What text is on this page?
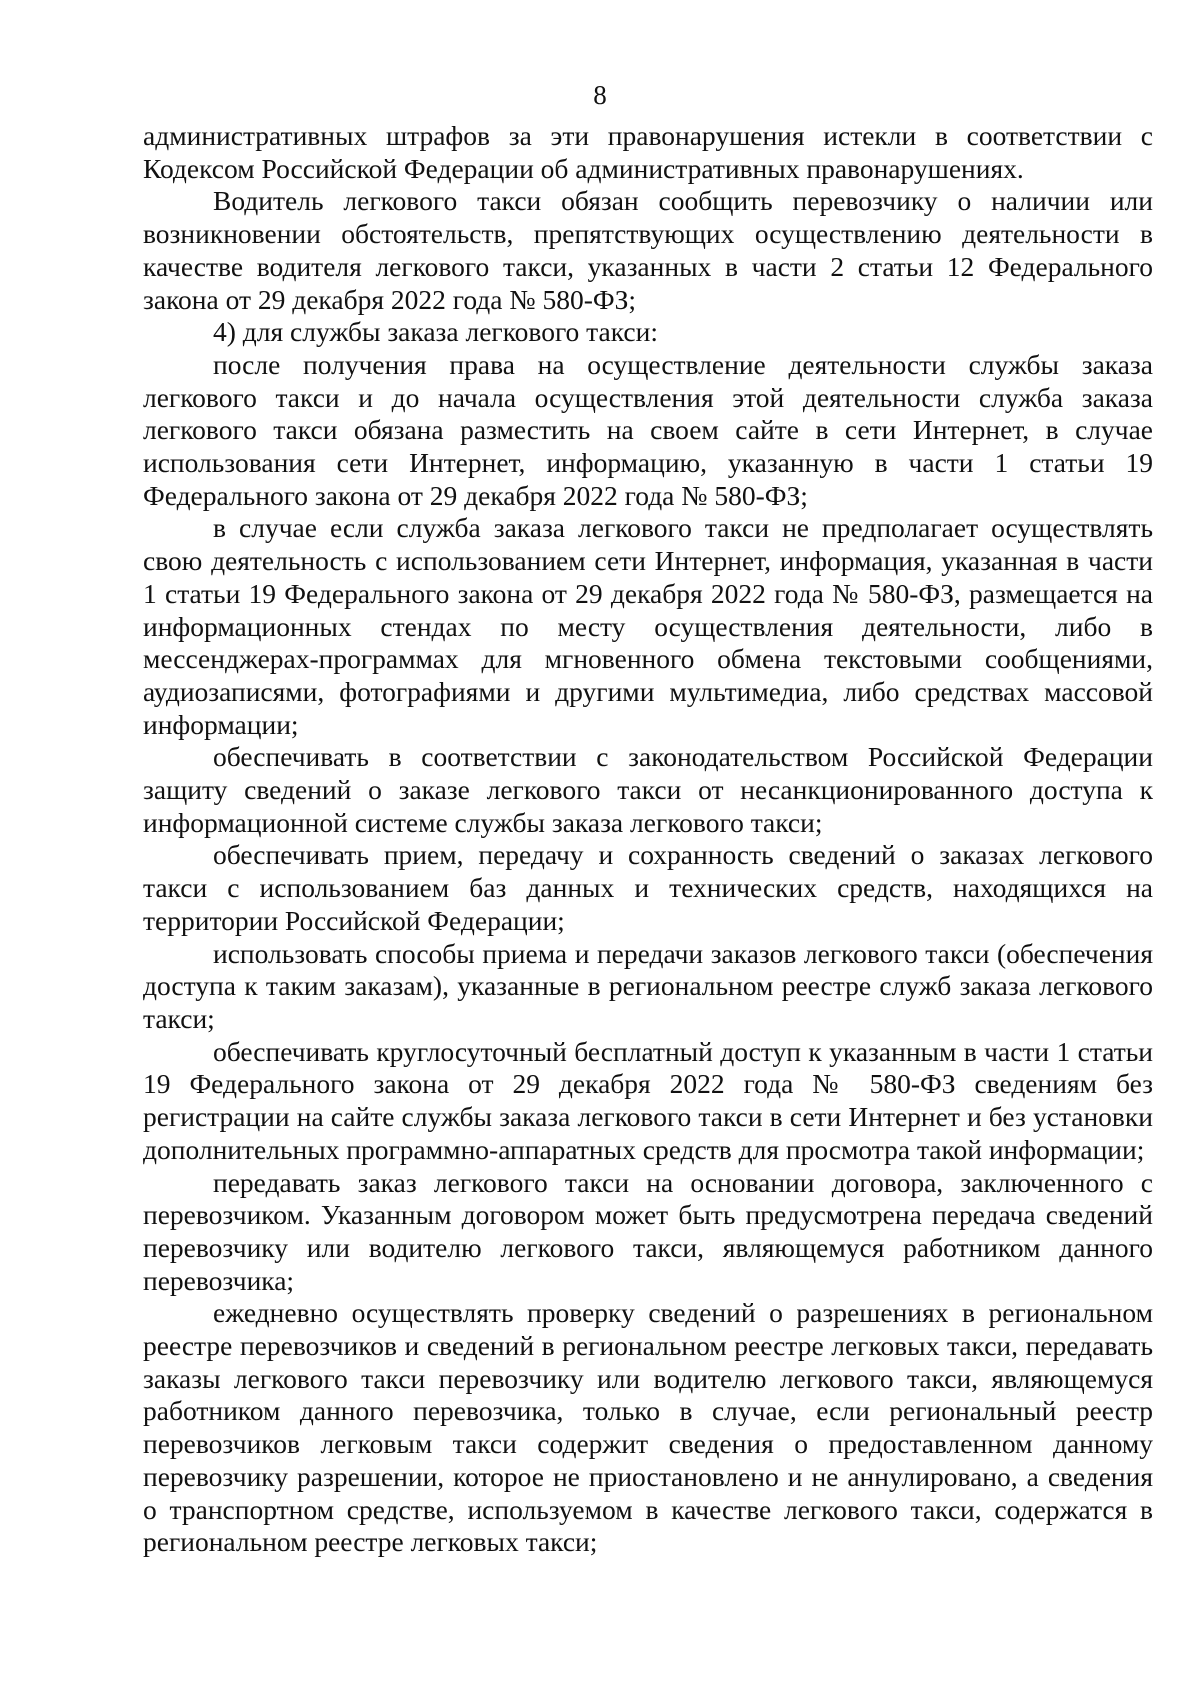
8

административных штрафов за эти правонарушения истекли в соответствии с Кодексом Российской Федерации об административных правонарушениях.

Водитель легкового такси обязан сообщить перевозчику о наличии или возникновении обстоятельств, препятствующих осуществлению деятельности в качестве водителя легкового такси, указанных в части 2 статьи 12 Федерального закона от 29 декабря 2022 года № 580-ФЗ;

4) для службы заказа легкового такси:

после получения права на осуществление деятельности службы заказа легкового такси и до начала осуществления этой деятельности служба заказа легкового такси обязана разместить на своем сайте в сети Интернет, в случае использования сети Интернет, информацию, указанную в части 1 статьи 19 Федерального закона от 29 декабря 2022 года № 580-ФЗ;

в случае если служба заказа легкового такси не предполагает осуществлять свою деятельность с использованием сети Интернет, информация, указанная в части 1 статьи 19 Федерального закона от 29 декабря 2022 года № 580-ФЗ, размещается на информационных стендах по месту осуществления деятельности, либо в мессенджерах-программах для мгновенного обмена текстовыми сообщениями, аудиозаписями, фотографиями и другими мультимедиа, либо средствах массовой информации;

обеспечивать в соответствии с законодательством Российской Федерации защиту сведений о заказе легкового такси от несанкционированного доступа к информационной системе службы заказа легкового такси;

обеспечивать прием, передачу и сохранность сведений о заказах легкового такси с использованием баз данных и технических средств, находящихся на территории Российской Федерации;

использовать способы приема и передачи заказов легкового такси (обеспечения доступа к таким заказам), указанные в региональном реестре служб заказа легкового такси;

обеспечивать круглосуточный бесплатный доступ к указанным в части 1 статьи 19 Федерального закона от 29 декабря 2022 года № 580-ФЗ сведениям без регистрации на сайте службы заказа легкового такси в сети Интернет и без установки дополнительных программно-аппаратных средств для просмотра такой информации;

передавать заказ легкового такси на основании договора, заключенного с перевозчиком. Указанным договором может быть предусмотрена передача сведений перевозчику или водителю легкового такси, являющемуся работником данного перевозчика;

ежедневно осуществлять проверку сведений о разрешениях в региональном реестре перевозчиков и сведений в региональном реестре легковых такси, передавать заказы легкового такси перевозчику или водителю легкового такси, являющемуся работником данного перевозчика, только в случае, если региональный реестр перевозчиков легковым такси содержит сведения о предоставленном данному перевозчику разрешении, которое не приостановлено и не аннулировано, а сведения о транспортном средстве, используемом в качестве легкового такси, содержатся в региональном реестре легковых такси;
